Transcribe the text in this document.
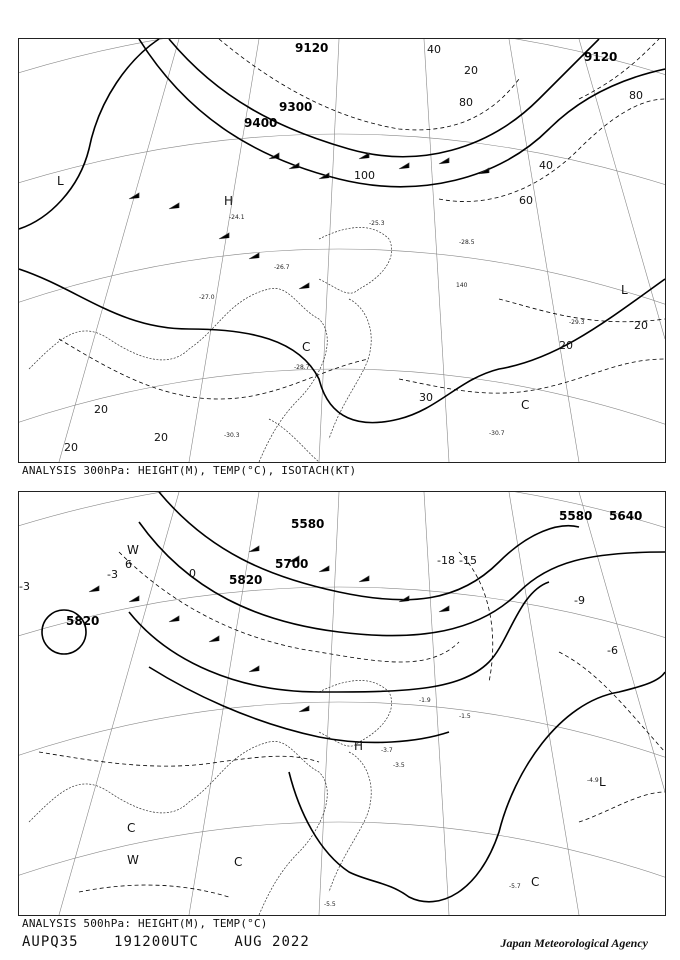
9120
9300
9400
9120
20
40
80
100
40
60
80
30
20
20
20
20
20
H
L
L
C
C
-24.1
-27.0
-30.3
-28.5
-29.3
-30.7
-25.3
-26.7
-28.7
140
ANALYSIS 300hPa: HEIGHT(M), TEMP(°C), ISOTACH(KT)
5580
5700
5820
5820
5580
5640
-18 -15
-9
-6
-3	0
-3
6
H
L
W
W	C
C
C
-3.5
-3.7
-4.9
-5.7
-5.5
-1.9
-1.5
ANALYSIS 500hPa: HEIGHT(M), TEMP(°C)
AUPQ35	191200UTC	AUG 2022	Japan Meteorological Agency
